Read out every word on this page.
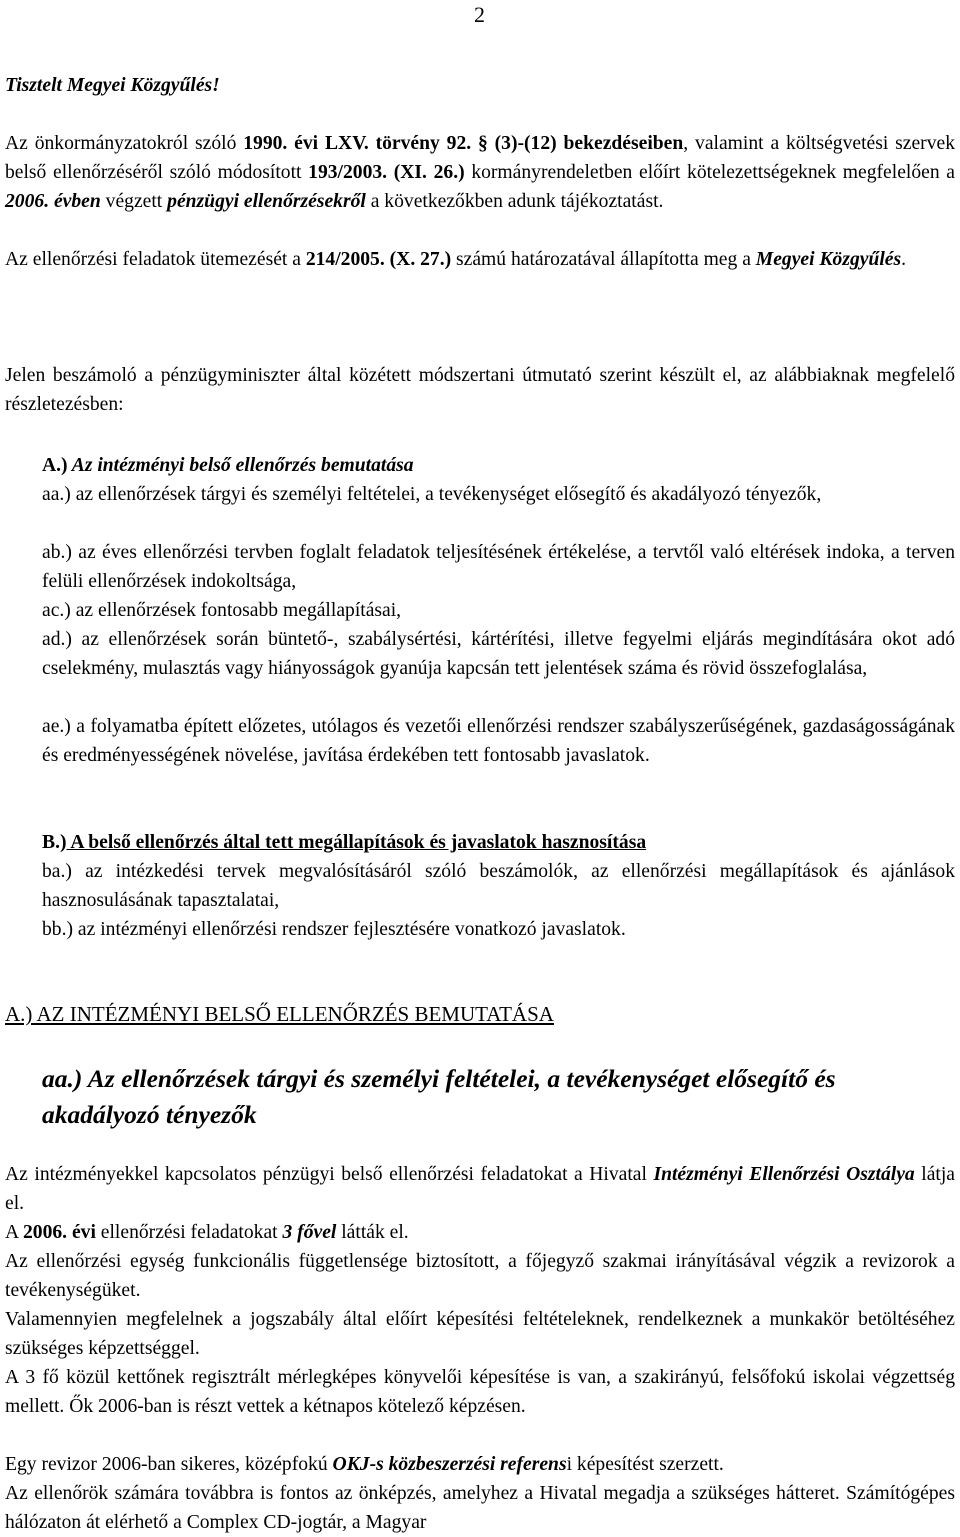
2

Tisztelt Megyei Közgyűlés!

Az önkormányzatokról szóló 1990. évi LXV. törvény 92. § (3)-(12) bekezdéseiben, valamint a költségvetési szervek belső ellenőrzéséről szóló módosított 193/2003. (XI. 26.) kormányrendeletben előírt kötelezettségeknek megfelelően a 2006. évben végzett pénzügyi ellenőrzésekről a következőkben adunk tájékoztatást.

Az ellenőrzési feladatok ütemezését a 214/2005. (X. 27.) számú határozatával állapította meg a Megyei Közgyűlés.

Jelen beszámoló a pénzügyminiszter által közétett módszertani útmutató szerint készült el, az alábbiaknak megfelelő részletezésben:

A.) Az intézményi belső ellenőrzés bemutatása

aa.) az ellenőrzések tárgyi és személyi feltételei, a tevékenységet elősegítő és akadályozó tényezők,

ab.) az éves ellenőrzési tervben foglalt feladatok teljesítésének értékelése, a tervtől való eltérések indoka, a terven felüli ellenőrzések indokoltsága,

ac.) az ellenőrzések fontosabb megállapításai,

ad.) az ellenőrzések során büntető-, szabálysértési, kártérítési, illetve fegyelmi eljárás megindítására okot adó cselekmény, mulasztás vagy hiányosságok gyanúja kapcsán tett jelentések száma és rövid összefoglalása,

ae.) a folyamatba épített előzetes, utólagos és vezetői ellenőrzési rendszer szabályszerűségének, gazdaságosságának és eredményességének növelése, javítása érdekében tett fontosabb javaslatok.

B.) A belső ellenőrzés által tett megállapítások és javaslatok hasznosítása

ba.) az intézkedési tervek megvalósításáról szóló beszámolók, az ellenőrzési megállapítások és ajánlások hasznosulásának tapasztalatai,

bb.) az intézményi ellenőrzési rendszer fejlesztésére vonatkozó javaslatok.

A.) AZ INTÉZMÉNYI BELSŐ ELLENŐRZÉS BEMUTATÁSA

aa.) Az ellenőrzések tárgyi és személyi feltételei, a tevékenységet elősegítő és akadályozó tényezők

Az intézményekkel kapcsolatos pénzügyi belső ellenőrzési feladatokat a Hivatal Intézményi Ellenőrzési Osztálya látja el.

A 2006. évi ellenőrzési feladatokat 3 fővel látták el.

Az ellenőrzési egység funkcionális függetlensége biztosított, a főjegyző szakmai irányításával végzik a revizorok a tevékenységüket.

Valamennyien megfelelnek a jogszabály által előírt képesítési feltételeknek, rendelkeznek a munkakör betöltéséhez szükséges képzettséggel.

A 3 fő közül kettőnek regisztrált mérlegképes könyvelői képesítése is van, a szakirányú, felsőfokú iskolai végzettség mellett. Ők 2006-ban is részt vettek a kétnapos kötelező képzésen.

Egy revizor 2006-ban sikeres, középfokú OKJ-s közbeszerzési referensi képesítést szerzett.

Az ellenőrök számára továbbra is fontos az önképzés, amelyhez a Hivatal megadja a szükséges hátteret. Számítógépes hálózaton át elérhető a Complex CD-jogtár, a Magyar
